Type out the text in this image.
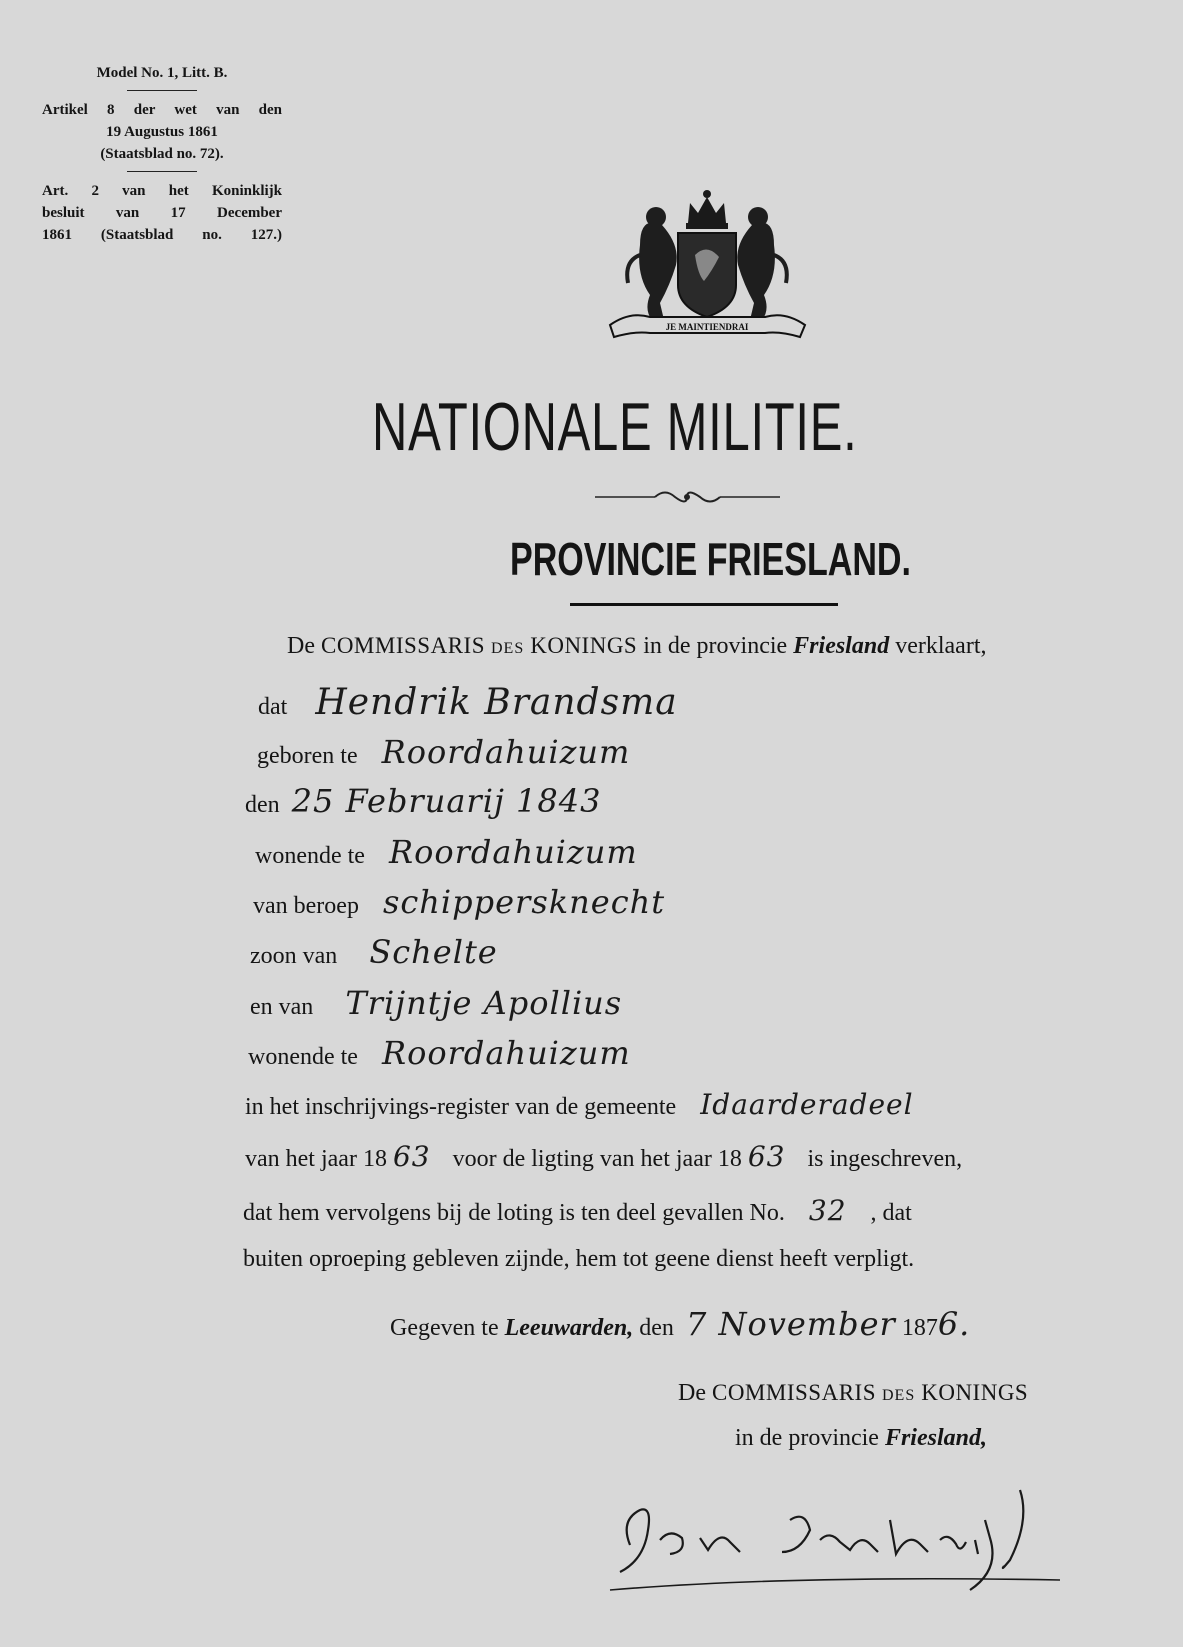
Model No. 1, Litt. B.
Artikel 8 der wet van den
19 Augustus 1861
(Staatsblad no. 72).
Art. 2 van het Koninklijk
besluit van 17 December
1861 (Staatsblad no. 127.)
JE MAINTIENDRAI
NATIONALE MILITIE.
PROVINCIE FRIESLAND.
De COMMISSARIS DES KONINGS in de provincie Friesland verklaart,
dat Hendrik Brandsma
geboren te Roordahuizum
den 25 Februarij 1843
wonende te Roordahuizum
van beroep schippersknecht
zoon van Schelte
en van Trijntje Apollius
wonende te Roordahuizum
in het inschrijvings-register van de gemeente Idaarderadeel
van het jaar 18 63 voor de ligting van het jaar 18 63 is ingeschreven,
dat hem vervolgens bij de loting is ten deel gevallen No. 32 , dat
buiten oproeping gebleven zijnde, hem tot geene dienst heeft verpligt.
Gegeven te Leeuwarden, den 7 November 1876.
De COMMISSARIS DES KONINGS
in de provincie Friesland,
